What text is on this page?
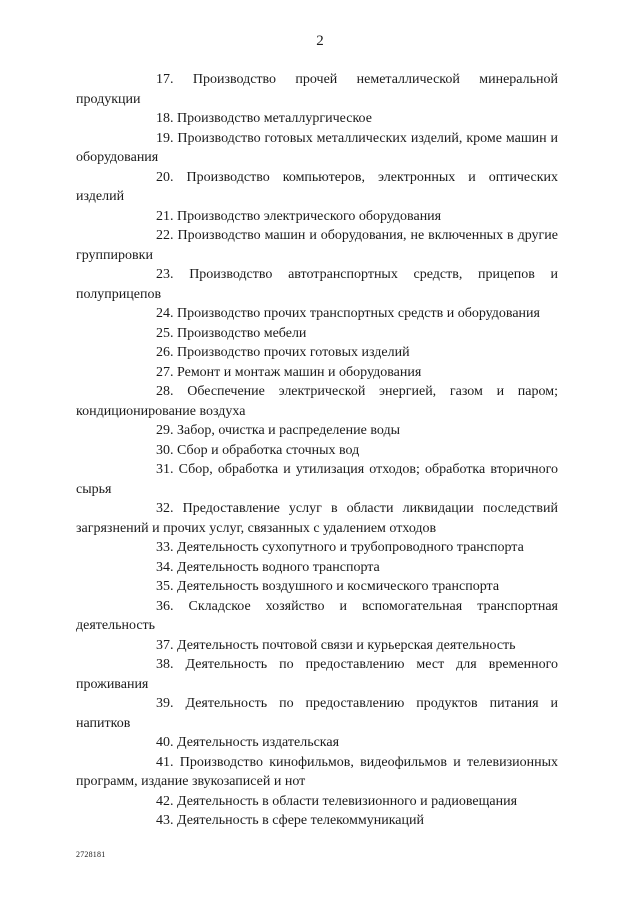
2

17. Производство прочей неметаллической минеральной продукции

18. Производство металлургическое

19. Производство готовых металлических изделий, кроме машин и оборудования

20. Производство компьютеров, электронных и оптических изделий

21. Производство электрического оборудования

22. Производство машин и оборудования, не включенных в другие группировки

23. Производство автотранспортных средств, прицепов и полуприцепов

24. Производство прочих транспортных средств и оборудования

25. Производство мебели

26. Производство прочих готовых изделий

27. Ремонт и монтаж машин и оборудования

28. Обеспечение электрической энергией, газом и паром; кондиционирование воздуха

29. Забор, очистка и распределение воды

30. Сбор и обработка сточных вод

31. Сбор, обработка и утилизация отходов; обработка вторичного сырья

32. Предоставление услуг в области ликвидации последствий загрязнений и прочих услуг, связанных с удалением отходов

33. Деятельность сухопутного и трубопроводного транспорта

34. Деятельность водного транспорта

35. Деятельность воздушного и космического транспорта

36. Складское хозяйство и вспомогательная транспортная деятельность

37. Деятельность почтовой связи и курьерская деятельность

38. Деятельность по предоставлению мест для временного проживания

39. Деятельность по предоставлению продуктов питания и напитков

40. Деятельность издательская

41. Производство кинофильмов, видеофильмов и телевизионных программ, издание звукозаписей и нот

42. Деятельность в области телевизионного и радиовещания

43. Деятельность в сфере телекоммуникаций

2728181
